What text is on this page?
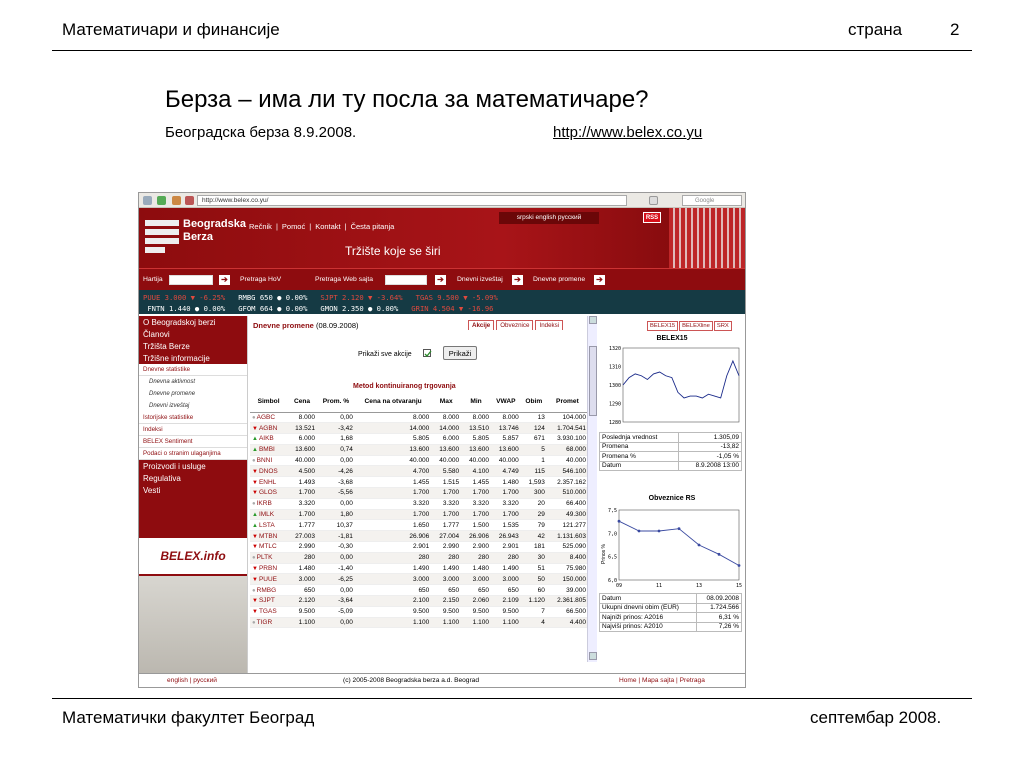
Математичари и финансије	страна	2
Берза – има ли ту посла за математичаре?
Београдска берза 8.9.2008.	http://www.belex.co.yu
http://www.belex.co.yu/	Google
Beogradska
Berza
Rečnik | Pomoć | Kontakt | Česta pitanja
Tržište koje se širi
srpski english русский	RSS
Hartija	➔	Pretraga HoV	Pretraga Web sajta	➔	Dnevni izveštaj ➔	Dnevne promene ➔
PUUE 3.000 ▼ -6.25%   RMBG 650 ● 0.00%   SJPT 2.120 ▼ -3.64%   TGAS 9.500 ▼ -5.09%
FNTN 1.440 ● 0.00%   GFOM 664 ● 0.00%   GMON 2.350 ● 0.00%   GRIN 4.504 ▼ -16.96
O Beogradskoj berzi
Članovi
Tržišta Berze
Tržišne informacije
Dnevne statistike
Dnevna aktivnost
Dnevne promene
Dnevni izveštaj
Istorijske statistike
Indeksi
BELEX Sentiment
Podaci o stranim ulaganjima
Proizvodi i usluge
Regulativa
Vesti
BELEX.info
Dnevne promene (08.09.2008)	Akcije Obveznice Indeksi
Prikaži sve akcije	Prikaži
Metod kontinuiranog trgovanja
Simbol	Cena	Prom. %	Cena na otvaranju	Max	Min	VWAP	Obim	Promet
●AGBC	8.000	0,00	8.000	8.000	8.000	8.000	13	104.000
▼AGBN	13.521	-3,42	14.000	14.000	13.510	13.746	124	1.704.541
▲AIKB	6.000	1,68	5.805	6.000	5.805	5.857	671	3.930.100
▲BMBI	13.600	0,74	13.600	13.600	13.600	13.600	5	68.000
●BNNI	40.000	0,00	40.000	40.000	40.000	40.000	1	40.000
▼DNOS	4.500	-4,26	4.700	5.580	4.100	4.749	115	546.100
▼ENHL	1.493	-3,68	1.455	1.515	1.455	1.480	1,593	2.357.162
▼GLOS	1.700	-5,56	1.700	1.700	1.700	1.700	300	510.000
●IKRB	3.320	0,00	3.320	3.320	3.320	3.320	20	66.400
▲IMLK	1.700	1,80	1.700	1.700	1.700	1.700	29	49.300
▲LSTA	1.777	10,37	1.650	1.777	1.500	1.535	79	121.277
▼MTBN	27.003	-1,81	26.906	27.004	26.906	26.943	42	1.131.603
▼MTLC	2.990	-0,30	2.901	2.990	2.900	2.901	181	525.090
●PLTK	280	0,00	280	280	280	280	30	8.400
▼PRBN	1.480	-1,40	1.490	1.490	1.480	1.490	51	75.980
▼PUUE	3.000	-6,25	3.000	3.000	3.000	3.000	50	150.000
●RMBG	650	0,00	650	650	650	650	60	39.000
▼SJPT	2.120	-3,64	2.100	2.150	2.060	2.109	1.120	2.361.805
▼TGAS	9.500	-5,09	9.500	9.500	9.500	9.500	7	66.500
●TIGR	1.100	0,00	1.100	1.100	1.100	1.100	4	4.400
BELEX15 BELEXline SRX
BELEX15
1320
1310
1300
1290
1280
Poslednja vrednost	1.305,09
Promena	-13,82
Promena %	-1,05 %
Datum	8.9.2008 13:00
Obveznice RS
7,5
7,0
6,5
6,0
09	11	13	15
Prinos %
Datum	08.09.2008
Ukupni dnevni obim (EUR)	1.724.566
Najniži prinos: A2016	6,31 %
Najviši prinos: A2010	7,26 %
english | русский	(c) 2005-2008 Beogradska berza a.d. Beograd	Home | Mapa sajta | Pretraga
Математички факултет Београд	септембар 2008.
